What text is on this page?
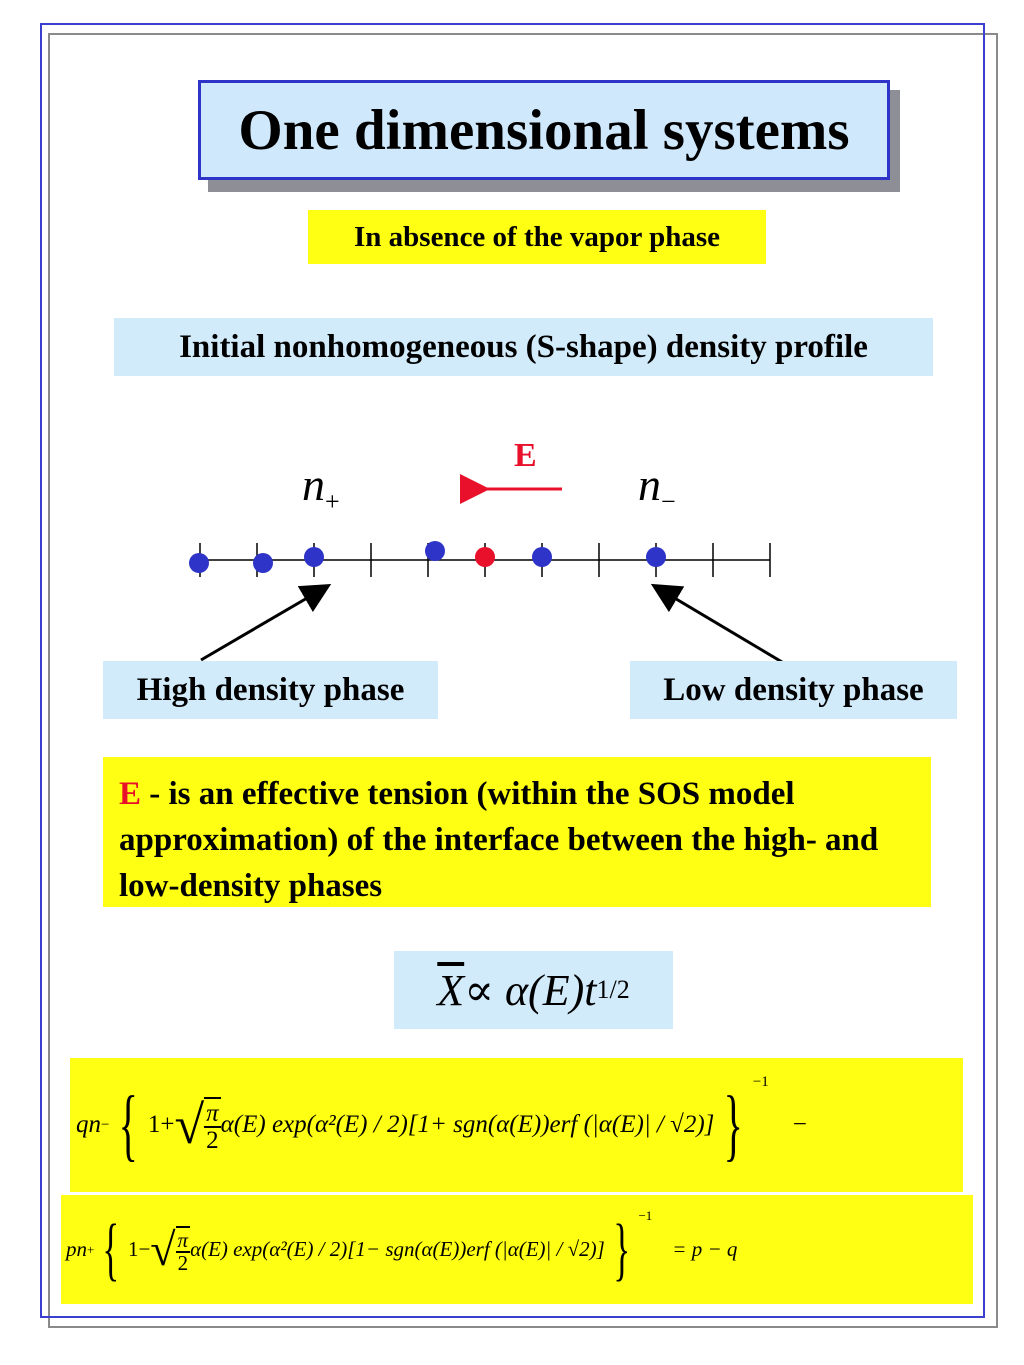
One dimensional systems
In absence of the vapor phase
Initial nonhomogeneous (S-shape) density profile
E
$n_+$	$n_-$
High density phase	Low density phase
E - is an effective tension (within the SOS model approximation) of the interface between the high- and low-density phases
$\overline{X} \propto \alpha(E)t$ 1/2
qn − { 1+ √ $\frac{\pi}{2} \alpha(E)$ exp(α²(E) / 2)[1+ sgn(α(E))erf (|α(E)| / √2)] } $^{-1}$
−
pn + { 1− √ $\frac{\pi}{2} \alpha(E)$ exp(α²(E) / 2)[1− sgn(α(E))erf (|α(E)| / √2)] } $^{-1}$
= p − q
